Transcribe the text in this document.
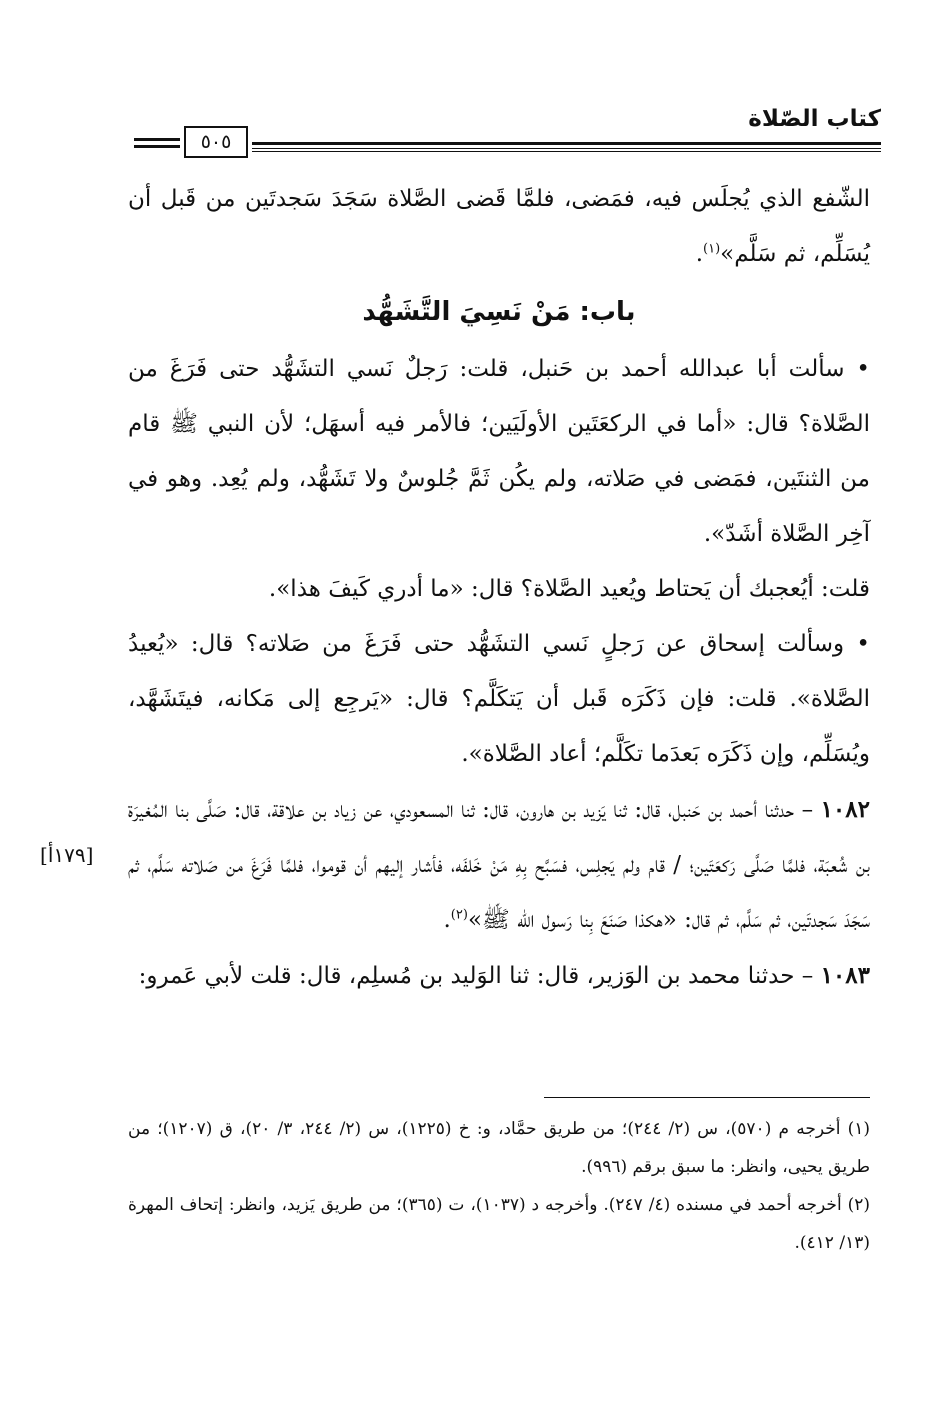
كتاب الصّلاة
٥٠٥

الشّفع الذي يُجلَس فيه، فمَضى، فلمَّا قَضى الصَّلاة سَجَدَ سَجدتَين من قَبل أن يُسَلِّم، ثم سَلَّم»$^{(١)}$.

باب: مَنْ نَسِيَ التَّشَهُّد

• سألت أبا عبدالله أحمد بن حَنبل، قلت: رَجلٌ نَسي التشَهُّد حتى فَرَغَ من الصَّلاة؟ قال: «أما في الركعَتَين الأولَيَين؛ فالأمر فيه أسهَل؛ لأن النبي ﷺ قام من الثنتَين، فمَضى في صَلاته، ولم يكُن ثَمَّ جُلوسٌ ولا تَشَهُّد، ولم يُعِد. وهو في آخِر الصَّلاة أشَدّ».

قلت: أيُعجبك أن يَحتاط ويُعيد الصَّلاة؟ قال: «ما أدري كَيفَ هذا».

• وسألت إسحاق عن رَجلٍ نَسي التشَهُّد حتى فَرَغَ من صَلاته؟ قال: «يُعيدُ الصَّلاة». قلت: فإن ذَكَرَه قَبل أن يَتكَلَّم؟ قال: «يَرجِع إلى مَكانه، فيتَشَهَّد، ويُسَلِّم، وإن ذَكَرَه بَعدَما تكَلَّم؛ أعاد الصَّلاة».

١٠٨٢ – حدثنا أحمد بن حَنبل، قال: ثنا يَزيد بن هارون، قال: ثنا المسعودي، عن زياد بن علاقة، قال: صَلَّى بنا المُغيرَة بن شُعبَة، فلمَّا صَلَّى رَكعَتَين؛ / قام ولم يَجلِس، فسَبَّح بِهِ مَنْ خَلفَه، فأشار إليهم أن قوموا، فلمَّا فَرَغَ من صَلاته سَلَّم، ثم سَجَدَ سَجدتَين، ثم سَلَّم، ثم قال: «هكذا صَنَعَ بِنا رَسول الله ﷺ»$^{(٢)}$.

١٠٨٣ – حدثنا محمد بن الوَزير، قال: ثنا الوَليد بن مُسلِم، قال: قلت لأبي عَمرو:

[١٧٩أ]

(١) أخرجه م (٥٧٠)، س (٢/ ٢٤٤)؛ من طريق حمَّاد، و: خ (١٢٢٥)، س (٢/ ٢٤٤، ٣/ ٢٠)، ق (١٢٠٧)؛ من طريق يحيى، وانظر: ما سبق برقم (٩٩٦).

(٢) أخرجه أحمد في مسنده (٤/ ٢٤٧). وأخرجه د (١٠٣٧)، ت (٣٦٥)؛ من طريق يَزيد، وانظر: إتحاف المهرة (١٣/ ٤١٢).
